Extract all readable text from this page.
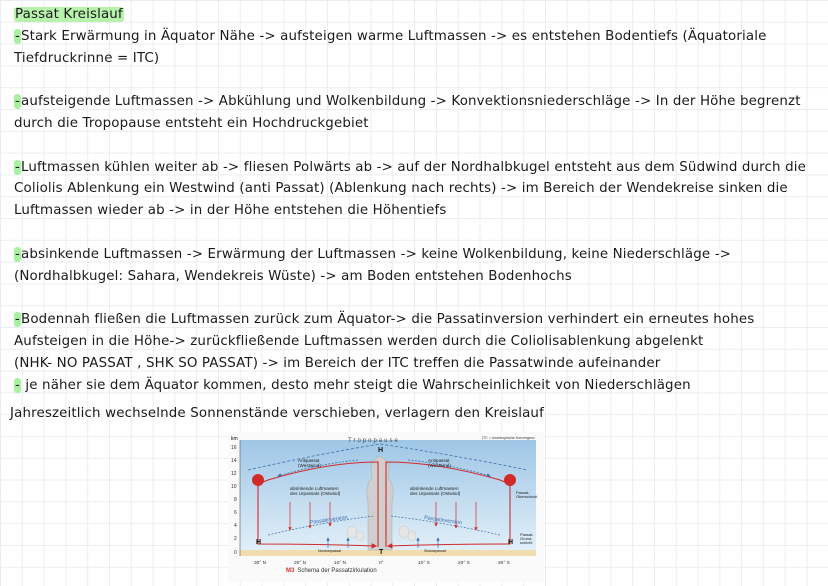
Passat Kreislauf
-Stark Erwärmung in Äquator Nähe -> aufsteigen warme Luftmassen -> es entstehen Bodentiefs (Äquatoriale
Tiefdruckrinne = ITC)
-aufsteigende Luftmassen -> Abkühlung und Wolkenbildung -> Konvektionsniederschläge -> In der Höhe begrenzt
durch die Tropopause entsteht ein Hochdruckgebiet
-Luftmassen kühlen weiter ab -> fliesen Polwärts ab -> auf der Nordhalbkugel entsteht aus dem Südwind durch die
Coliolis Ablenkung ein Westwind (anti Passat) (Ablenkung nach rechts) -> im Bereich der Wendekreise sinken die
Luftmassen wieder ab -> in der Höhe entstehen die Höhentiefs
-absinkende Luftmassen -> Erwärmung der Luftmassen -> keine Wolkenbildung, keine Niederschläge ->
(Nordhalbkugel: Sahara, Wendekreis Wüste) -> am Boden entstehen Bodenhochs
-Bodennah fließen die Luftmassen zurück zum Äquator-> die Passatinversion verhindert ein erneutes hohes
Aufsteigen in die Höhe-> zurückfließende Luftmassen werden durch die Coliolisablenkung abgelenkt
(NHK- NO PASSAT , SHK SO PASSAT) -> im Bereich der ITC treffen die Passatwinde aufeinander
- je näher sie dem Äquator kommen, desto mehr steigt die Wahrscheinlichkeit von Niederschlägen
Jahreszeitlich wechselnde Sonnenstände verschieben, verlagern den Kreislauf
km
16
14
12
10
8
6
4
2
0
Tropopause	ITC = Innertropische Konvergenz
Antipassat
(Westwind)
Antipassat
(Westwind)
absinkende Luftmassen
des Urpassats (Ostwind)
absinkende Luftmassen
des Urpassats (Ostwind)	Passat-
Oberschicht
Passat-
Grund-
schicht
Passatinversion	Passatinversion
Nordostpassat	Südostpassat
H
H	H
T
30° N	20° N	10° N	0°	10° S	20° S	30° S
M3 Schema der Passatzirkulation
